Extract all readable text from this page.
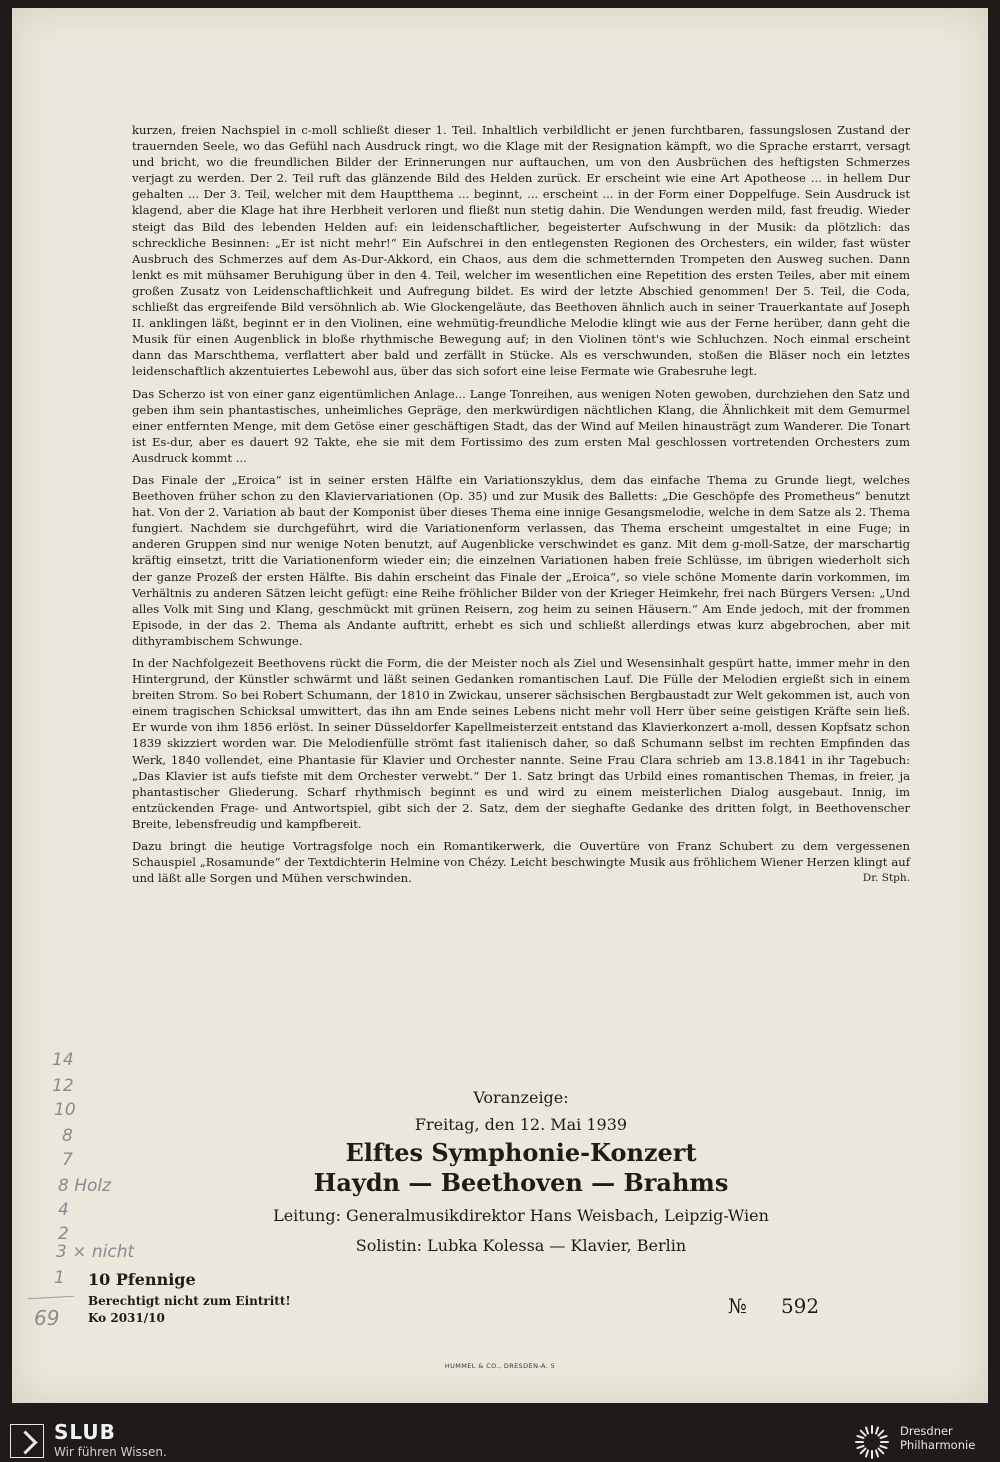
kurzen, freien Nachspiel in c-moll schließt dieser 1. Teil. Inhaltlich verbildlicht er jenen furchtbaren, fassungslosen Zustand der trauernden Seele, wo das Gefühl nach Ausdruck ringt, wo die Klage mit der Resignation kämpft, wo die Sprache erstarrt, versagt und bricht, wo die freundlichen Bilder der Erinnerungen nur auftauchen, um von den Ausbrüchen des heftigsten Schmerzes verjagt zu werden. Der 2. Teil ruft das glänzende Bild des Helden zurück. Er erscheint wie eine Art Apotheose ... in hellem Dur gehalten ... Der 3. Teil, welcher mit dem Hauptthema ... beginnt, ... erscheint ... in der Form einer Doppelfuge. Sein Ausdruck ist klagend, aber die Klage hat ihre Herbheit verloren und fließt nun stetig dahin. Die Wendungen werden mild, fast freudig. Wieder steigt das Bild des lebenden Helden auf: ein leidenschaftlicher, begeisterter Aufschwung in der Musik: da plötzlich: das schreckliche Besinnen: „Er ist nicht mehr!“ Ein Aufschrei in den entlegensten Regionen des Orchesters, ein wilder, fast wüster Ausbruch des Schmerzes auf dem As-Dur-Akkord, ein Chaos, aus dem die schmetternden Trompeten den Ausweg suchen. Dann lenkt es mit mühsamer Beruhigung über in den 4. Teil, welcher im wesentlichen eine Repetition des ersten Teiles, aber mit einem großen Zusatz von Leidenschaftlichkeit und Aufregung bildet. Es wird der letzte Abschied genommen! Der 5. Teil, die Coda, schließt das ergreifende Bild versöhnlich ab. Wie Glockengeläute, das Beethoven ähnlich auch in seiner Trauerkantate auf Joseph II. anklingen läßt, beginnt er in den Violinen, eine wehmütig-freundliche Melodie klingt wie aus der Ferne herüber, dann geht die Musik für einen Augenblick in bloße rhythmische Bewegung auf; in den Violinen tönt's wie Schluchzen. Noch einmal erscheint dann das Marschthema, verflattert aber bald und zerfällt in Stücke. Als es verschwunden, stoßen die Bläser noch ein letztes leidenschaftlich akzentuiertes Lebewohl aus, über das sich sofort eine leise Fermate wie Grabesruhe legt.

Das Scherzo ist von einer ganz eigentümlichen Anlage... Lange Tonreihen, aus wenigen Noten gewoben, durchziehen den Satz und geben ihm sein phantastisches, unheimliches Gepräge, den merkwürdigen nächtlichen Klang, die Ähnlichkeit mit dem Gemurmel einer entfernten Menge, mit dem Getöse einer geschäftigen Stadt, das der Wind auf Meilen hinausträgt zum Wanderer. Die Tonart ist Es-dur, aber es dauert 92 Takte, ehe sie mit dem Fortissimo des zum ersten Mal geschlossen vortretenden Orchesters zum Ausdruck kommt ...

Das Finale der „Eroica“ ist in seiner ersten Hälfte ein Variationszyklus, dem das einfache Thema zu Grunde liegt, welches Beethoven früher schon zu den Klaviervariationen (Op. 35) und zur Musik des Balletts: „Die Geschöpfe des Prometheus“ benutzt hat. Von der 2. Variation ab baut der Komponist über dieses Thema eine innige Gesangsmelodie, welche in dem Satze als 2. Thema fungiert. Nachdem sie durchgeführt, wird die Variationenform verlassen, das Thema erscheint umgestaltet in eine Fuge; in anderen Gruppen sind nur wenige Noten benutzt, auf Augenblicke verschwindet es ganz. Mit dem g-moll-Satze, der marschartig kräftig einsetzt, tritt die Variationenform wieder ein; die einzelnen Variationen haben freie Schlüsse, im übrigen wiederholt sich der ganze Prozeß der ersten Hälfte. Bis dahin erscheint das Finale der „Eroica“, so viele schöne Momente darin vorkommen, im Verhältnis zu anderen Sätzen leicht gefügt: eine Reihe fröhlicher Bilder von der Krieger Heimkehr, frei nach Bürgers Versen: „Und alles Volk mit Sing und Klang, geschmückt mit grünen Reisern, zog heim zu seinen Häusern.“ Am Ende jedoch, mit der frommen Episode, in der das 2. Thema als Andante auftritt, erhebt es sich und schließt allerdings etwas kurz abgebrochen, aber mit dithyrambischem Schwunge.

In der Nachfolgezeit Beethovens rückt die Form, die der Meister noch als Ziel und Wesensinhalt gespürt hatte, immer mehr in den Hintergrund, der Künstler schwärmt und läßt seinen Gedanken romantischen Lauf. Die Fülle der Melodien ergießt sich in einem breiten Strom. So bei Robert Schumann, der 1810 in Zwickau, unserer sächsischen Bergbaustadt zur Welt gekommen ist, auch von einem tragischen Schicksal umwittert, das ihn am Ende seines Lebens nicht mehr voll Herr über seine geistigen Kräfte sein ließ. Er wurde von ihm 1856 erlöst. In seiner Düsseldorfer Kapellmeisterzeit entstand das Klavierkonzert a-moll, dessen Kopfsatz schon 1839 skizziert worden war. Die Melodienfülle strömt fast italienisch daher, so daß Schumann selbst im rechten Empfinden das Werk, 1840 vollendet, eine Phantasie für Klavier und Orchester nannte. Seine Frau Clara schrieb am 13.8.1841 in ihr Tagebuch: „Das Klavier ist aufs tiefste mit dem Orchester verwebt.“ Der 1. Satz bringt das Urbild eines romantischen Themas, in freier, ja phantastischer Gliederung. Scharf rhythmisch beginnt es und wird zu einem meisterlichen Dialog ausgebaut. Innig, im entzückenden Frage- und Antwortspiel, gibt sich der 2. Satz, dem der sieghafte Gedanke des dritten folgt, in Beethovenscher Breite, lebensfreudig und kampfbereit.

Dazu bringt die heutige Vortragsfolge noch ein Romantikerwerk, die Ouvertüre von Franz Schubert zu dem vergessenen Schauspiel „Rosamunde“ der Textdichterin Helmine von Chézy. Leicht beschwingte Musik aus fröhlichem Wiener Herzen klingt auf und läßt alle Sorgen und Mühen verschwinden.	Dr. Stph.

Voranzeige:
Freitag, den 12. Mai 1939
Elftes Symphonie-Konzert
Haydn — Beethoven — Brahms
Leitung: Generalmusikdirektor Hans Weisbach, Leipzig-Wien
Solistin: Lubka Kolessa — Klavier, Berlin
14
12
10
8
7
8 Holz
4
2
3 × nicht
1
69
10 Pfennige
Berechtigt nicht zum Eintritt!
Ko 2031/10	№ 592
HUMMEL & CO., DRESDEN-A. 5
SLUB
Wir führen Wissen.
Dresdner
Philharmonie
